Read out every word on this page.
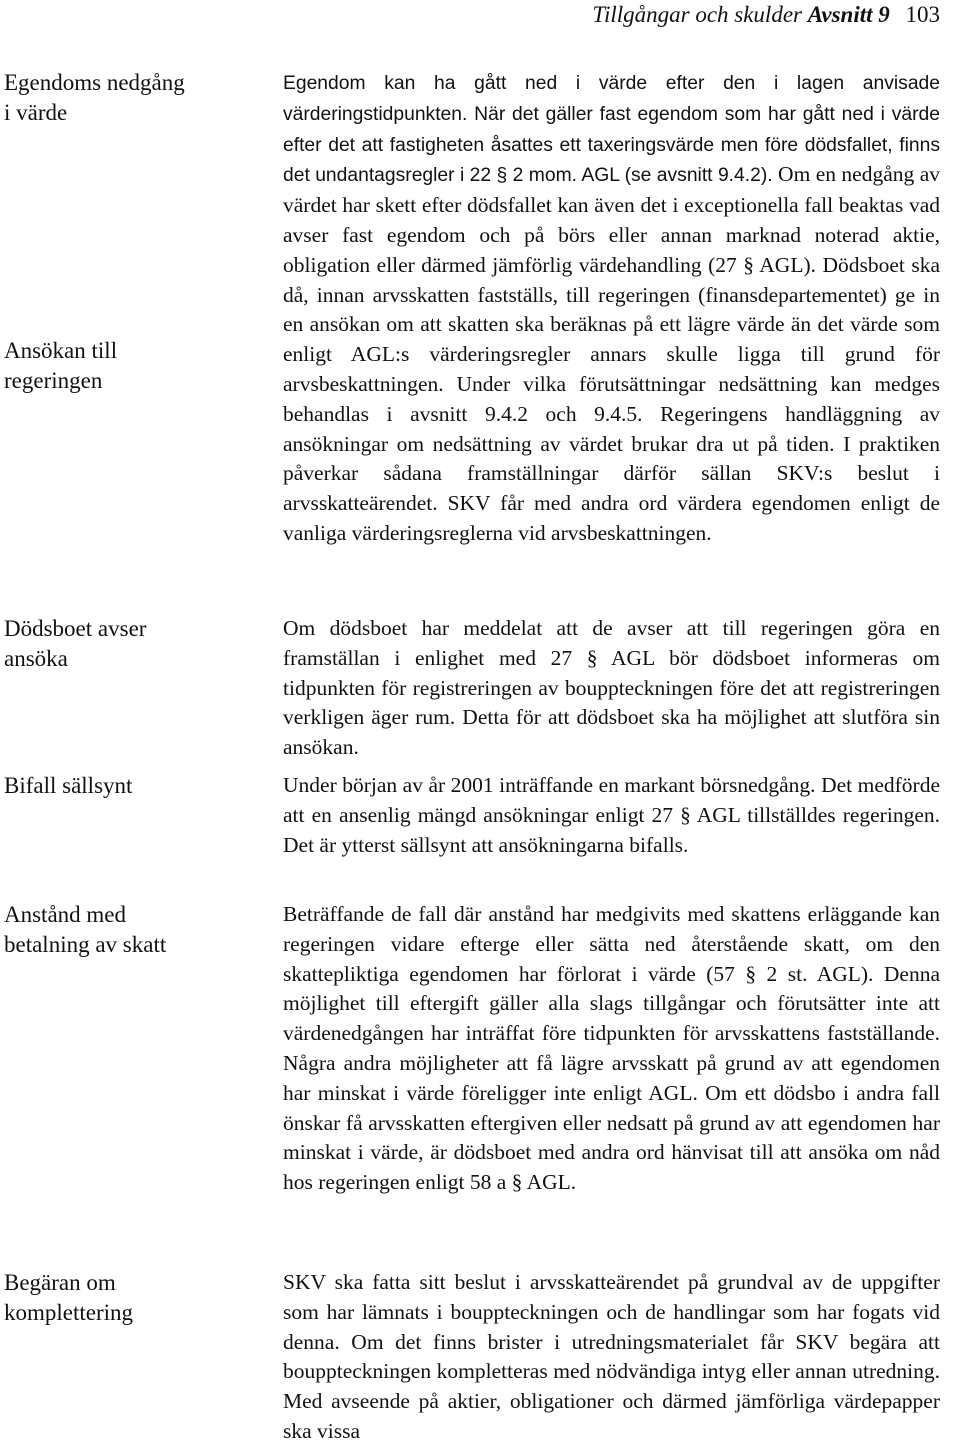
Tillgångar och skulder Avsnitt 9 103
Egendoms nedgång i värde
Ansökan till regeringen
Dödsboet avser ansöka
Bifall sällsynt
Anstånd med betalning av skatt
Begäran om komplettering

Egendom kan ha gått ned i värde efter den i lagen anvisade värderingstidpunkten. När det gäller fast egendom som har gått ned i värde efter det att fastigheten åsattes ett taxeringsvärde men före dödsfallet, finns det undantagsregler i 22 § 2 mom. AGL (se avsnitt 9.4.2). Om en nedgång av värdet har skett efter dödsfallet kan även det i exceptionella fall beaktas vad avser fast egendom och på börs eller annan marknad noterad aktie, obligation eller därmed jämförlig värdehandling (27 § AGL). Dödsboet ska då, innan arvsskatten fastställs, till regeringen (finansdepartementet) ge in en ansökan om att skatten ska beräknas på ett lägre värde än det värde som enligt AGL:s värderingsregler annars skulle ligga till grund för arvsbeskattningen. Under vilka förutsättningar nedsättning kan medges behandlas i avsnitt 9.4.2 och 9.4.5. Regeringens handläggning av ansökningar om nedsättning av värdet brukar dra ut på tiden. I praktiken påverkar sådana framställningar därför sällan SKV:s beslut i arvsskatteärendet. SKV får med andra ord värdera egendomen enligt de vanliga värderingsreglerna vid arvsbeskattningen.

Om dödsboet har meddelat att de avser att till regeringen göra en framställan i enlighet med 27 § AGL bör dödsboet informeras om tidpunkten för registreringen av bouppteckningen före det att registreringen verkligen äger rum. Detta för att dödsboet ska ha möjlighet att slutföra sin ansökan.

Under början av år 2001 inträffande en markant börsnedgång. Det medförde att en ansenlig mängd ansökningar enligt 27 § AGL tillställdes regeringen. Det är ytterst sällsynt att ansökningarna bifalls.

Beträffande de fall där anstånd har medgivits med skattens erläggande kan regeringen vidare efterge eller sätta ned återstående skatt, om den skattepliktiga egendomen har förlorat i värde (57 § 2 st. AGL). Denna möjlighet till eftergift gäller alla slags tillgångar och förutsätter inte att värdenedgången har inträffat före tidpunkten för arvsskattens fastställande. Några andra möjligheter att få lägre arvsskatt på grund av att egendomen har minskat i värde föreligger inte enligt AGL. Om ett dödsbo i andra fall önskar få arvsskatten eftergiven eller nedsatt på grund av att egendomen har minskat i värde, är dödsboet med andra ord hänvisat till att ansöka om nåd hos regeringen enligt 58 a § AGL.

SKV ska fatta sitt beslut i arvsskatteärendet på grundval av de uppgifter som har lämnats i bouppteckningen och de handlingar som har fogats vid denna. Om det finns brister i utredningsmaterialet får SKV begära att bouppteckningen kompletteras med nödvändiga intyg eller annan utredning. Med avseende på aktier, obligationer och därmed jämförliga värdepapper ska vissa
